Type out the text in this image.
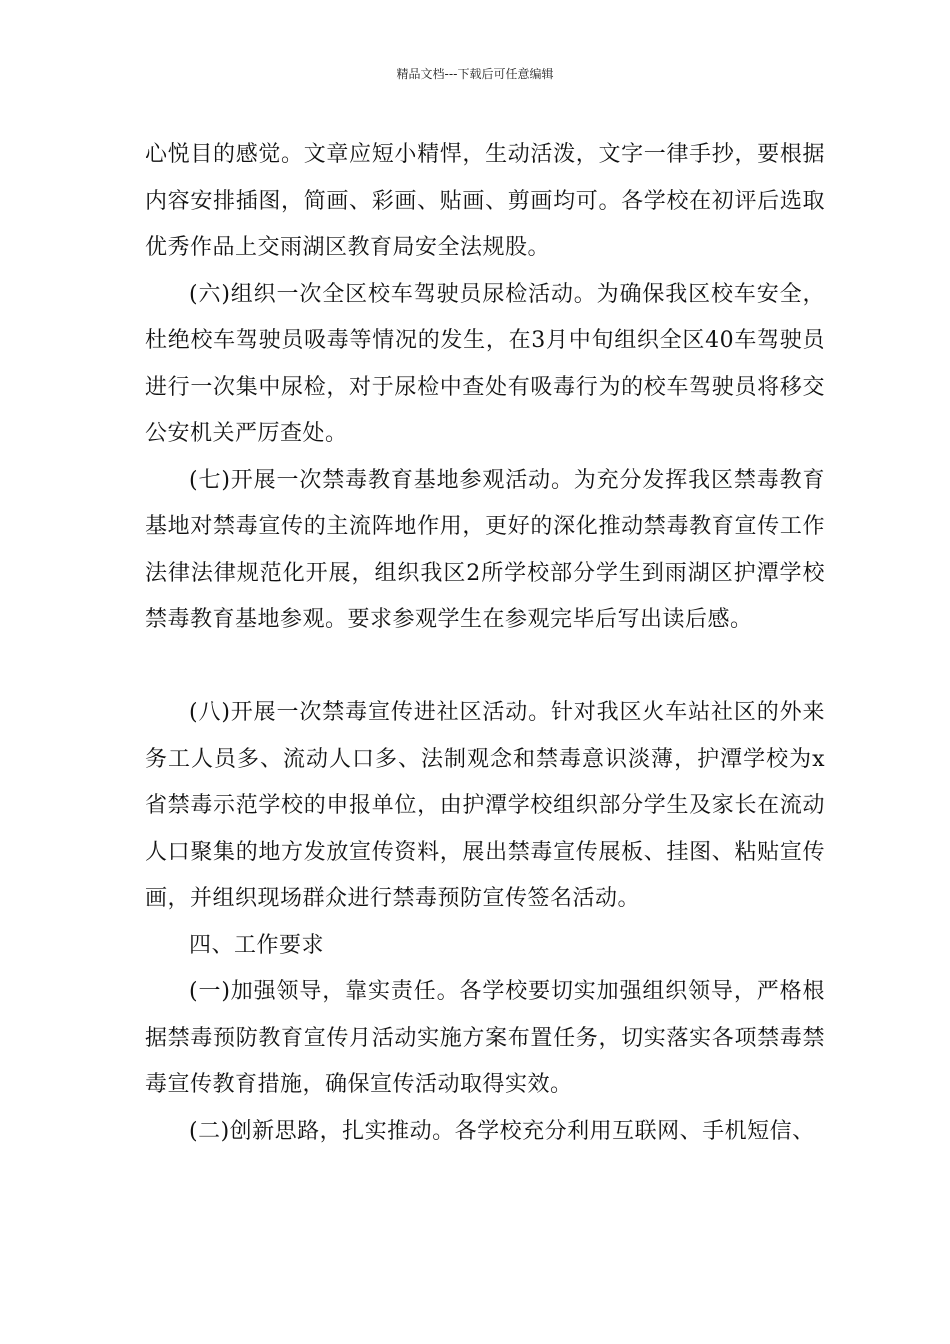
精品文档---下载后可任意编辑

心悦目的感觉。文章应短小精悍，生动活泼，文字一律手抄，要根据内容安排插图，简画、彩画、贴画、剪画均可。各学校在初评后选取优秀作品上交雨湖区教育局安全法规股。

(六)组织一次全区校车驾驶员尿检活动。为确保我区校车安全，杜绝校车驾驶员吸毒等情况的发生，在3月中旬组织全区40车驾驶员进行一次集中尿检，对于尿检中查处有吸毒行为的校车驾驶员将移交公安机关严厉查处。

(七)开展一次禁毒教育基地参观活动。为充分发挥我区禁毒教育基地对禁毒宣传的主流阵地作用，更好的深化推动禁毒教育宣传工作法律法律规范化开展，组织我区2所学校部分学生到雨湖区护潭学校禁毒教育基地参观。要求参观学生在参观完毕后写出读后感。

(八)开展一次禁毒宣传进社区活动。针对我区火车站社区的外来务工人员多、流动人口多、法制观念和禁毒意识淡薄，护潭学校为x省禁毒示范学校的申报单位，由护潭学校组织部分学生及家长在流动人口聚集的地方发放宣传资料，展出禁毒宣传展板、挂图、粘贴宣传画，并组织现场群众进行禁毒预防宣传签名活动。

四、工作要求

(一)加强领导，靠实责任。各学校要切实加强组织领导，严格根据禁毒预防教育宣传月活动实施方案布置任务，切实落实各项禁毒禁毒宣传教育措施，确保宣传活动取得实效。

(二)创新思路，扎实推动。各学校充分利用互联网、手机短信、
